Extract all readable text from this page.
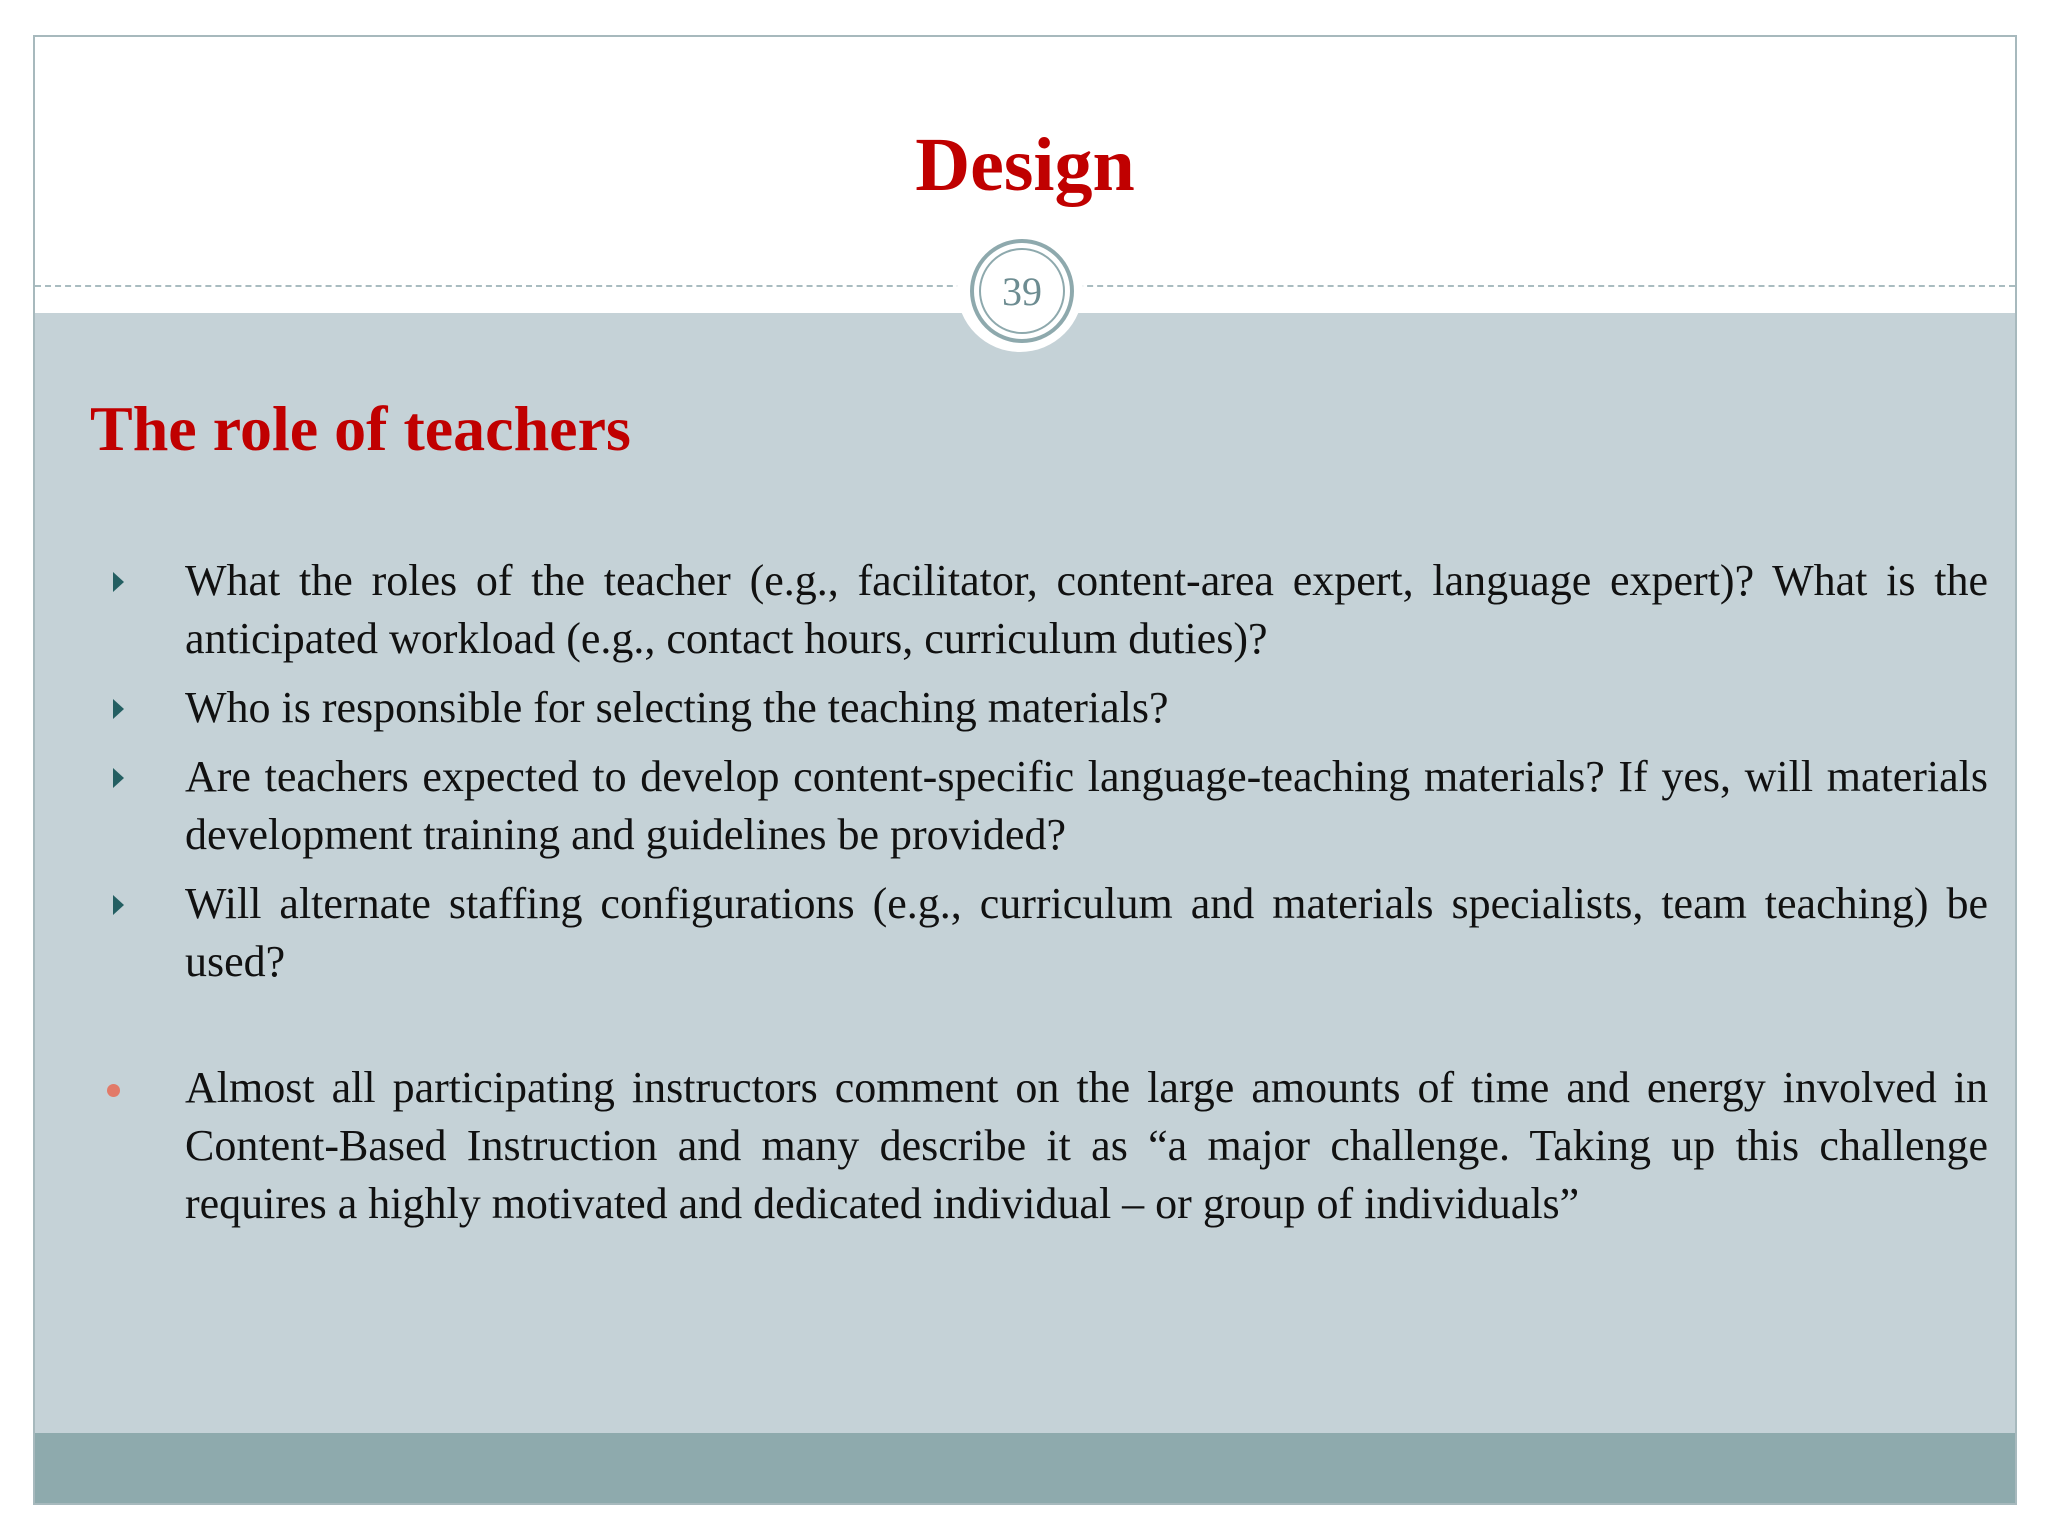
Design
39
The role of teachers
What the roles of the teacher (e.g., facilitator, content-area expert, language expert)? What is the anticipated workload (e.g., contact hours, curriculum duties)?
Who is responsible for selecting the teaching materials?
Are teachers expected to develop content-specific language-teaching materials? If yes, will materials development training and guidelines be provided?
Will alternate staffing configurations (e.g., curriculum and materials specialists, team teaching) be used?
Almost all participating instructors comment on the large amounts of time and energy involved in Content-Based Instruction and many describe it as “a major challenge. Taking up this challenge requires a highly motivated and dedicated individual – or group of individuals”
